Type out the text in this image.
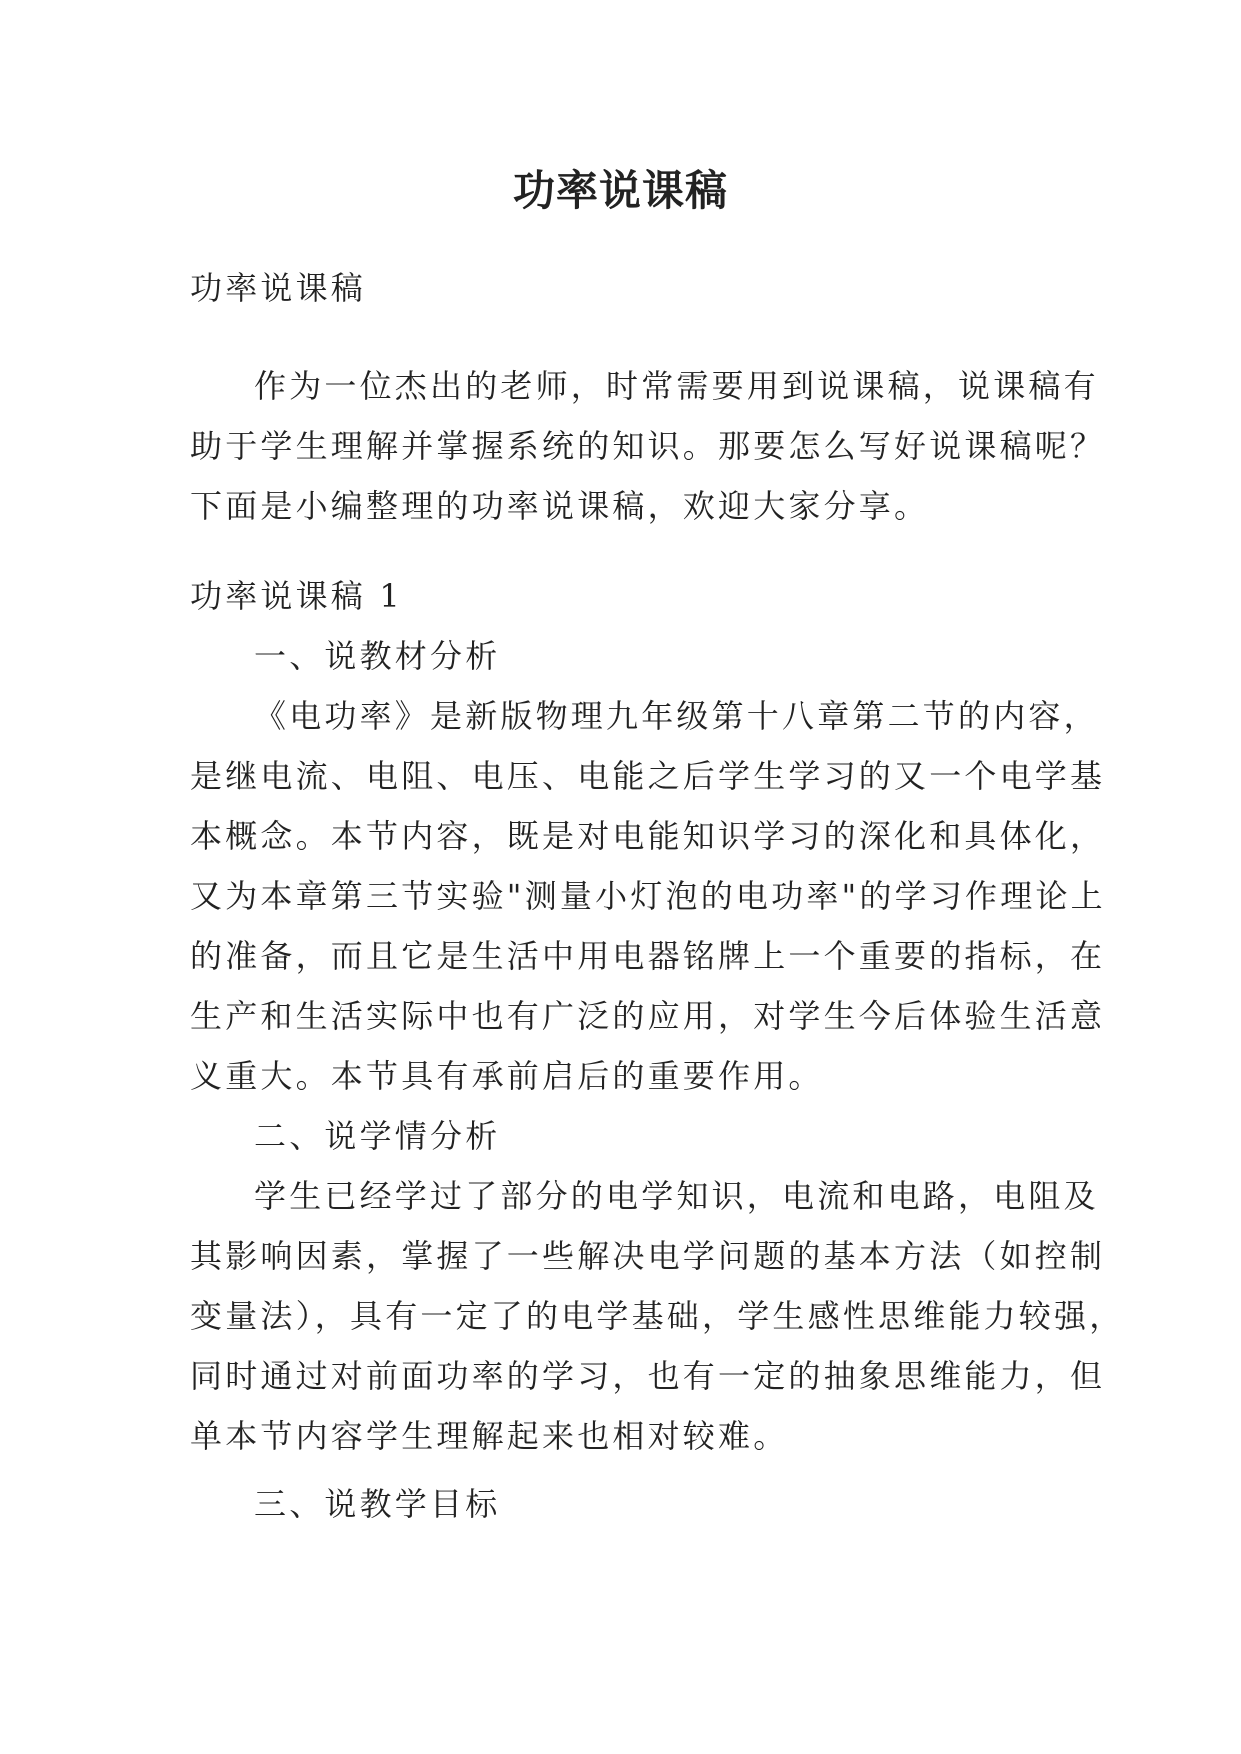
功率说课稿
功率说课稿
作为一位杰出的老师，时常需要用到说课稿，说课稿有
助于学生理解并掌握系统的知识。那要怎么写好说课稿呢？
下面是小编整理的功率说课稿，欢迎大家分享。
功率说课稿 1
一、说教材分析
《电功率》是新版物理九年级第十八章第二节的内容，
是继电流、电阻、电压、电能之后学生学习的又一个电学基
本概念。本节内容，既是对电能知识学习的深化和具体化，
又为本章第三节实验"测量小灯泡的电功率"的学习作理论上
的准备，而且它是生活中用电器铭牌上一个重要的指标，在
生产和生活实际中也有广泛的应用，对学生今后体验生活意
义重大。本节具有承前启后的重要作用。
二、说学情分析
学生已经学过了部分的电学知识，电流和电路，电阻及
其影响因素，掌握了一些解决电学问题的基本方法（如控制
变量法），具有一定了的电学基础，学生感性思维能力较强，
同时通过对前面功率的学习，也有一定的抽象思维能力，但
单本节内容学生理解起来也相对较难。
三、说教学目标
